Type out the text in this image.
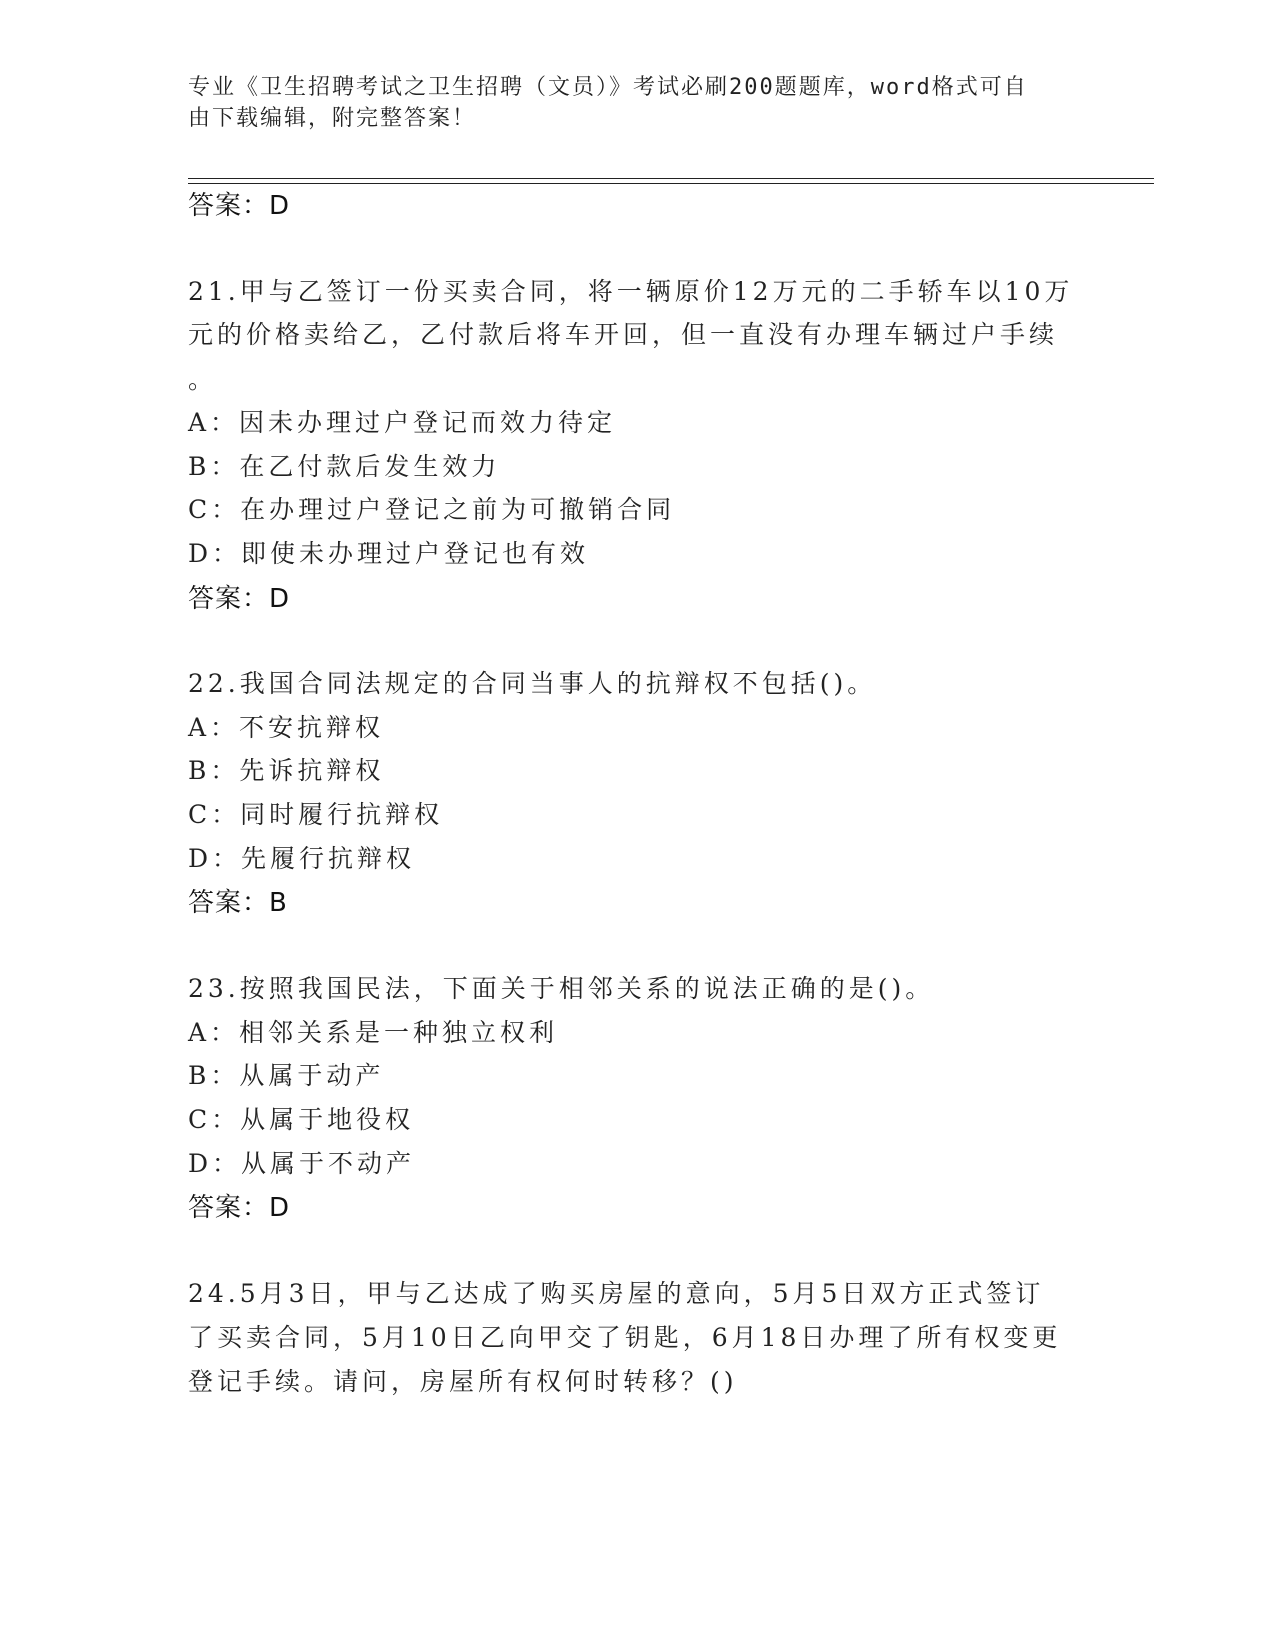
专业《卫生招聘考试之卫生招聘（文员）》考试必刷200题题库，word格式可自
由下载编辑，附完整答案！
答案：D
21.甲与乙签订一份买卖合同，将一辆原价12万元的二手轿车以10万
元的价格卖给乙，乙付款后将车开回，但一直没有办理车辆过户手续
。
A：因未办理过户登记而效力待定
B：在乙付款后发生效力
C：在办理过户登记之前为可撤销合同
D：即使未办理过户登记也有效
答案：D
22.我国合同法规定的合同当事人的抗辩权不包括()。
A：不安抗辩权
B：先诉抗辩权
C：同时履行抗辩权
D：先履行抗辩权
答案：B
23.按照我国民法，下面关于相邻关系的说法正确的是()。
A：相邻关系是一种独立权利
B：从属于动产
C：从属于地役权
D：从属于不动产
答案：D
24.5月3日，甲与乙达成了购买房屋的意向，5月5日双方正式签订
了买卖合同，5月10日乙向甲交了钥匙，6月18日办理了所有权变更
登记手续。请问，房屋所有权何时转移？()
